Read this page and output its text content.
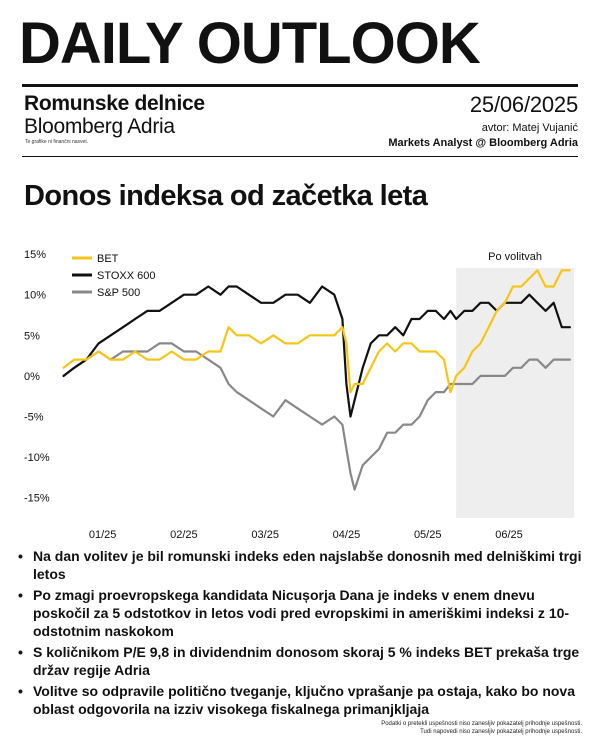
DAILY OUTLOOK
Romunske delnice
Bloomberg Adria
Te grafike ni finančni nasvet.
25/06/2025
avtor: Matej Vujanić
Markets Analyst @ Bloomberg Adria
Donos indeksa od začetka leta
Po volitvah
15%
10%
5%
0%
-5%
-10%
-15%
01/25	02/25	03/25	04/25	05/25	06/25
BET
STOXX 600
S&P 500
• Na dan volitev je bil romunski indeks eden najslabše donosnih med delniškimi trgi letos
• Po zmagi proevropskega kandidata Nicușorja Dana je indeks v enem dnevu poskočil za 5 odstotkov in letos vodi pred evropskimi in ameriškimi indeksi z 10-odstotnim naskokom
• S količnikom P/E 9,8 in dividendnim donosom skoraj 5 % indeks BET prekaša trge držav regije Adria
• Volitve so odpravile politično tveganje, ključno vprašanje pa ostaja, kako bo nova oblast odgovorila na izziv visokega fiskalnega primanjkljaja
Podatki o pretekli uspešnosti niso zanesljiv pokazatelj prihodnje uspešnosti.
Tudi napovedi niso zanesljiv pokazatelj prihodnje uspešnosti.
